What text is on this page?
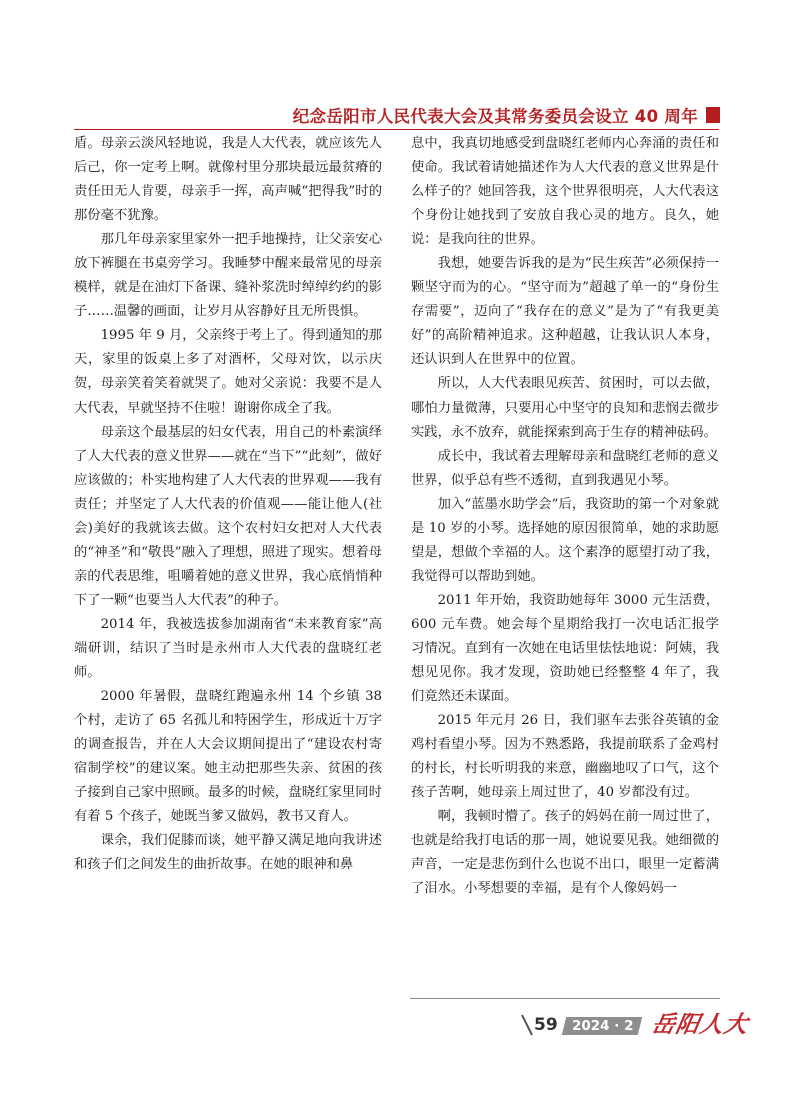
纪念岳阳市人民代表大会及其常务委员会设立 40 周年

盾。母亲云淡风轻地说，我是人大代表，就应该先人后己，你一定考上啊。就像村里分那块最远最贫瘠的责任田无人肯要，母亲手一挥，高声喊“把得我”时的那份毫不犹豫。

那几年母亲家里家外一把手地操持，让父亲安心放下裤腿在书桌旁学习。我睡梦中醒来最常见的母亲模样，就是在油灯下备课、缝补浆洗时绰绰约约的影子……温馨的画面，让岁月从容静好且无所畏惧。

1995 年 9 月，父亲终于考上了。得到通知的那天，家里的饭桌上多了对酒杯，父母对饮，以示庆贺，母亲笑着笑着就哭了。她对父亲说：我要不是人大代表，早就坚持不住啦！谢谢你成全了我。

母亲这个最基层的妇女代表，用自己的朴素演绎了人大代表的意义世界——就在“当下”“此刻”，做好应该做的；朴实地构建了人大代表的世界观——我有责任；并坚定了人大代表的价值观——能让他人(社会)美好的我就该去做。这个农村妇女把对人大代表的“神圣”和“敬畏”融入了理想，照进了现实。想着母亲的代表思维，咀嚼着她的意义世界，我心底悄悄种下了一颗“也要当人大代表”的种子。

2014 年，我被选拔参加湖南省“未来教育家”高端研训，结识了当时是永州市人大代表的盘晓红老师。

2000 年暑假，盘晓红跑遍永州 14 个乡镇 38 个村，走访了 65 名孤儿和特困学生，形成近十万字的调查报告，并在人大会议期间提出了“建设农村寄宿制学校”的建议案。她主动把那些失亲、贫困的孩子接到自己家中照顾。最多的时候，盘晓红家里同时有着 5 个孩子，她既当爹又做妈，教书又育人。

课余，我们促膝而谈，她平静又满足地向我讲述和孩子们之间发生的曲折故事。在她的眼神和鼻

息中，我真切地感受到盘晓红老师内心奔涌的责任和使命。我试着请她描述作为人大代表的意义世界是什么样子的？她回答我，这个世界很明亮，人大代表这个身份让她找到了安放自我心灵的地方。良久，她说：是我向往的世界。

我想，她要告诉我的是为“民生疾苦”必须保持一颗坚守而为的心。“坚守而为”超越了单一的“身份生存需要”，迈向了“我存在的意义”是为了“有我更美好”的高阶精神追求。这种超越，让我认识人本身，还认识到人在世界中的位置。

所以，人大代表眼见疾苦、贫困时，可以去做，哪怕力量微薄，只要用心中坚守的良知和悲悯去微步实践，永不放弃，就能探索到高于生存的精神砝码。

成长中，我试着去理解母亲和盘晓红老师的意义世界，似乎总有些不透彻，直到我遇见小琴。

加入“蓝墨水助学会”后，我资助的第一个对象就是 10 岁的小琴。选择她的原因很简单，她的求助愿望是，想做个幸福的人。这个素净的愿望打动了我，我觉得可以帮助到她。

2011 年开始，我资助她每年 3000 元生活费，600 元车费。她会每个星期给我打一次电话汇报学习情况。直到有一次她在电话里怯怯地说：阿姨，我想见见你。我才发现，资助她已经整整 4 年了，我们竟然还未谋面。

2015 年元月 26 日，我们驱车去张谷英镇的金鸡村看望小琴。因为不熟悉路，我提前联系了金鸡村的村长，村长听明我的来意，幽幽地叹了口气，这个孩子苦啊，她母亲上周过世了，40 岁都没有过。

啊，我顿时懵了。孩子的妈妈在前一周过世了，也就是给我打电话的那一周，她说要见我。她细微的声音，一定是悲伤到什么也说不出口，眼里一定蓄满了泪水。小琴想要的幸福，是有个人像妈妈一

59	2024 · 2 岳阳人大
